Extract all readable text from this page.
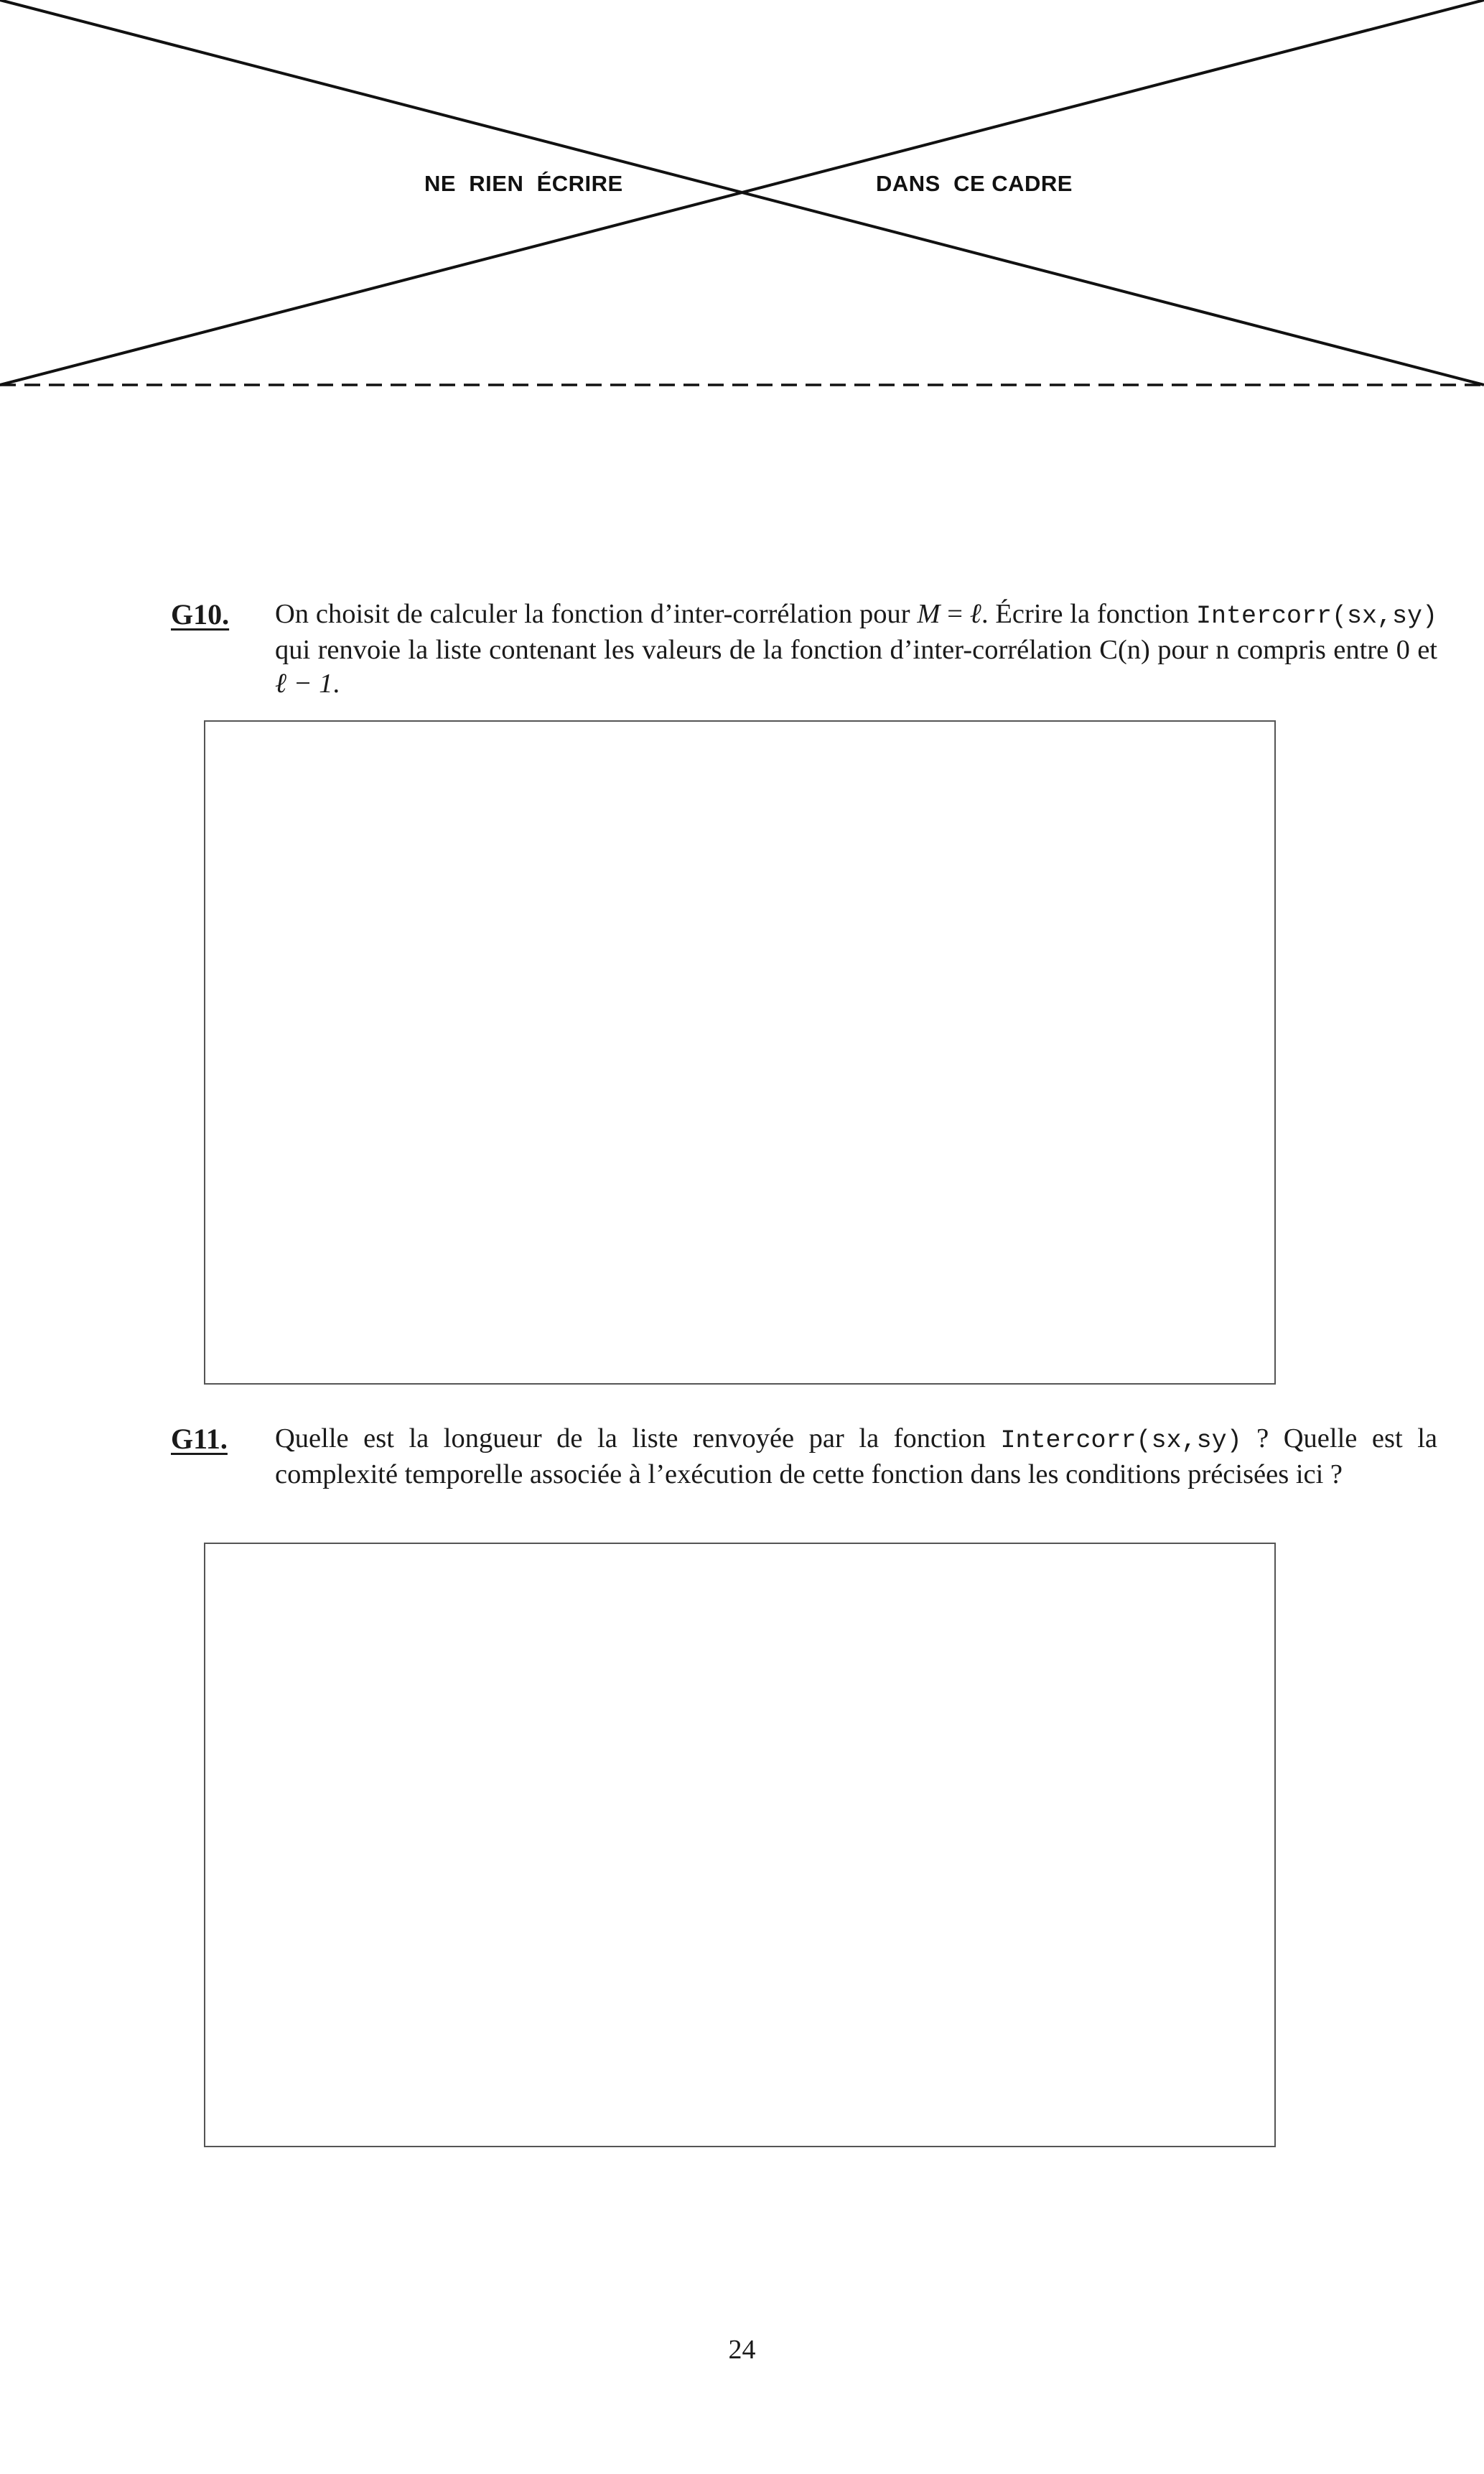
NE  RIEN  ÉCRIRE	DANS  CE CADRE
G10. On choisit de calculer la fonction d’inter-corrélation pour M = ℓ. Écrire la fonction Intercorr(sx,sy) qui renvoie la liste contenant les valeurs de la fonction d’inter-corrélation C(n) pour n compris entre 0 et ℓ − 1.
G11. Quelle est la longueur de la liste renvoyée par la fonction Intercorr(sx,sy) ? Quelle est la complexité temporelle associée à l’exécution de cette fonction dans les conditions précisées ici ?
24
